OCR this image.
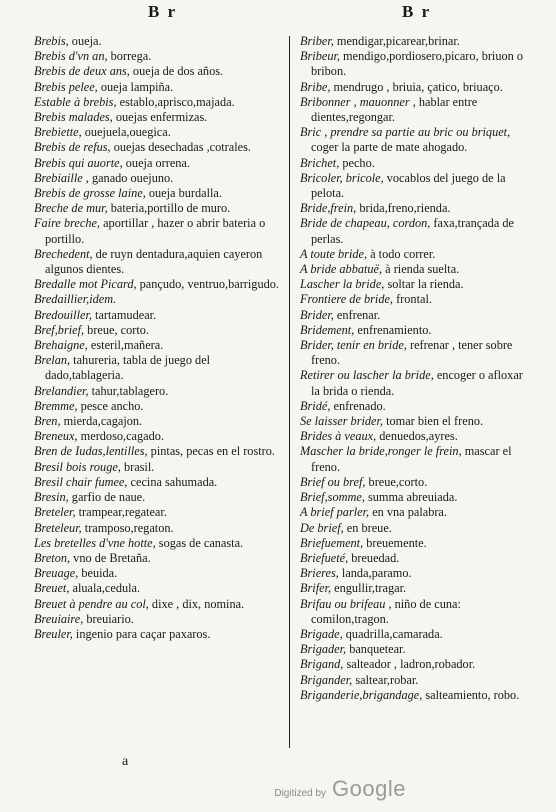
B r	B r

Brebis, oueja.

Brebis d'vn an, borrega.

Brebis de deux ans, oueja de dos años.

Brebis pelee, oueja lampiña.

Estable à brebis, establo,aprisco,majada.

Brebis malades, ouejas enfermizas.

Brebiette, ouejuela,ouegica.

Brebis de refus, ouejas desechadas ,cotrales.

Brebis qui auorte, oueja orrena.

Brebiaille , ganado ouejuno.

Brebis de grosse laine, oueja burdalla.

Breche de mur, bateria,portillo de muro.

Faire breche, aportillar , hazer o abrir bateria o portillo.

Brechedent, de ruyn dentadura,aquien cayeron algunos dientes.

Bredalle mot Picard, pançudo, ventruo,barrigudo.

Bredaillier,idem.

Bredouiller, tartamudear.

Bref,brief, breue, corto.

Brehaigne, esteril,mañera.

Brelan, tahureria, tabla de juego del dado,tablageria.

Brelandier, tahur,tablagero.

Bremme, pesce ancho.

Bren, mierda,cagajon.

Breneux, merdoso,cagado.

Bren de Iudas,lentilles, pintas, pecas en el rostro.

Bresil bois rouge, brasil.

Bresil chair fumee, cecina sahumada.

Bresin, garfio de naue.

Breteler, trampear,regatear.

Breteleur, tramposo,regaton.

Les bretelles d'vne hotte, sogas de canasta.

Breton, vno de Bretaña.

Breuage, beuida.

Breuet, aluala,cedula.

Breuet à pendre au col, dixe , dix, nomina.

Breuiaire, breuiario.

Breuler, ingenio para caçar paxaros.

Briber, mendigar,picarear,brinar.

Bribeur, mendigo,pordiosero,picaro, briuon o bribon.

Bribe, mendrugo , briuia, çatico, briuaço.

Bribonner , mauonner , hablar entre dientes,regongar.

Bric , prendre sa partie au bric ou briquet, coger la parte de mate ahogado.

Brichet, pecho.

Bricoler, bricole, vocablos del juego de la pelota.

Bride,frein, brida,freno,rienda.

Bride de chapeau, cordon, faxa,trançada de perlas.

A toute bride, à todo correr.

A bride abbatuë, à rienda suelta.

Lascher la bride, soltar la rienda.

Frontiere de bride, frontal.

Brider, enfrenar.

Bridement, enfrenamiento.

Brider, tenir en bride, refrenar , tener sobre freno.

Retirer ou lascher la bride, encoger o afloxar la brida o rienda.

Bridé, enfrenado.

Se laisser brider, tomar bien el freno.

Brides à veaux, denuedos,ayres.

Mascher la bride,ronger le frein, mascar el freno.

Brief ou bref, breue,corto.

Brief,somme, summa abreuiada.

A brief parler, en vna palabra.

De brief, en breue.

Briefuement, breuemente.

Briefueté, breuedad.

Brieres, landa,paramo.

Brifer, engullir,tragar.

Brifau ou brifeau , niño de cuna: comilon,tragon.

Brigade, quadrilla,camarada.

Brigader, banquetear.

Brigand, salteador , ladron,robador.

Brigander, saltear,robar.

Briganderie,brigandage, salteamiento, robo.

a
Digitized by Google
